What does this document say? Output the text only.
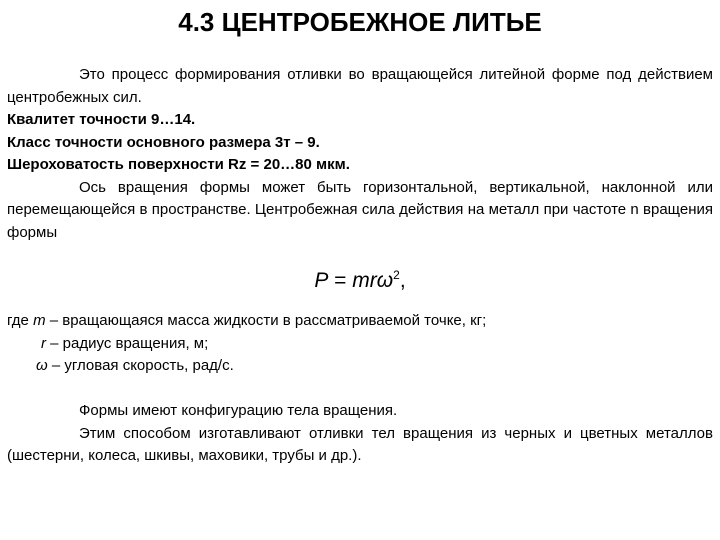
4.3 ЦЕНТРОБЕЖНОЕ ЛИТЬЕ

Это процесс формирования отливки во вращающейся литейной форме под действием центробежных сил.

Квалитет точности 9…14.

Класс точности основного размера 3т – 9.

Шероховатость поверхности Rz = 20…80 мкм.

Ось вращения формы может быть горизонтальной, вертикальной, наклонной или перемещающейся в пространстве. Центробежная сила действия на металл при частоте n вращения формы

P = mrω$^2$,

где m – вращающаяся масса жидкости в рассматриваемой точке, кг;

r – радиус вращения, м;

ω – угловая скорость, рад/с.

Формы имеют конфигурацию тела вращения.

Этим способом изготавливают отливки тел вращения из черных и цветных металлов (шестерни, колеса, шкивы, маховики, трубы и др.).
